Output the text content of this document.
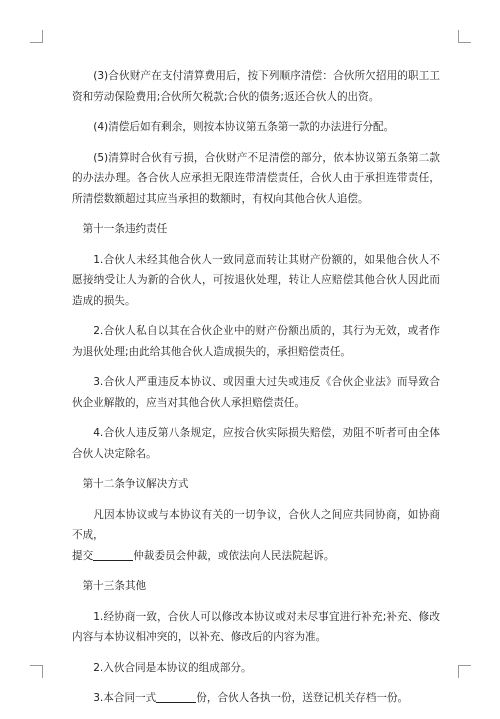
(3)合伙财产在支付清算费用后，按下列顺序清偿：合伙所欠招用的职工工资和劳动保险费用;合伙所欠税款;合伙的债务;返还合伙人的出资。

(4)清偿后如有剩余，则按本协议第五条第一款的办法进行分配。

(5)清算时合伙有亏损，合伙财产不足清偿的部分，依本协议第五条第二款的办法办理。各合伙人应承担无限连带清偿责任，合伙人由于承担连带责任，所清偿数额超过其应当承担的数额时，有权向其他合伙人追偿。

第十一条违约责任

1.合伙人未经其他合伙人一致同意而转让其财产份额的，如果他合伙人不愿接纳受让人为新的合伙人，可按退伙处理，转让人应赔偿其他合伙人因此而造成的损失。

2.合伙人私自以其在合伙企业中的财产份额出质的，其行为无效，或者作为退伙处理;由此给其他合伙人造成损失的，承担赔偿责任。

3.合伙人严重违反本协议、或因重大过失或违反《合伙企业法》而导致合伙企业解散的，应当对其他合伙人承担赔偿责任。

4.合伙人违反第八条规定，应按合伙实际损失赔偿，劝阻不听者可由全体合伙人决定除名。

第十二条争议解决方式

凡因本协议或与本协议有关的一切争议，合伙人之间应共同协商，如协商不成，

提交	仲裁委员会仲裁，或依法向人民法院起诉。

第十三条其他

1.经协商一致，合伙人可以修改本协议或对未尽事宜进行补充;补充、修改内容与本协议相冲突的，以补充、修改后的内容为准。

2.入伙合同是本协议的组成部分。

3.本合同一式	份，合伙人各执一份，送登记机关存档一份。
